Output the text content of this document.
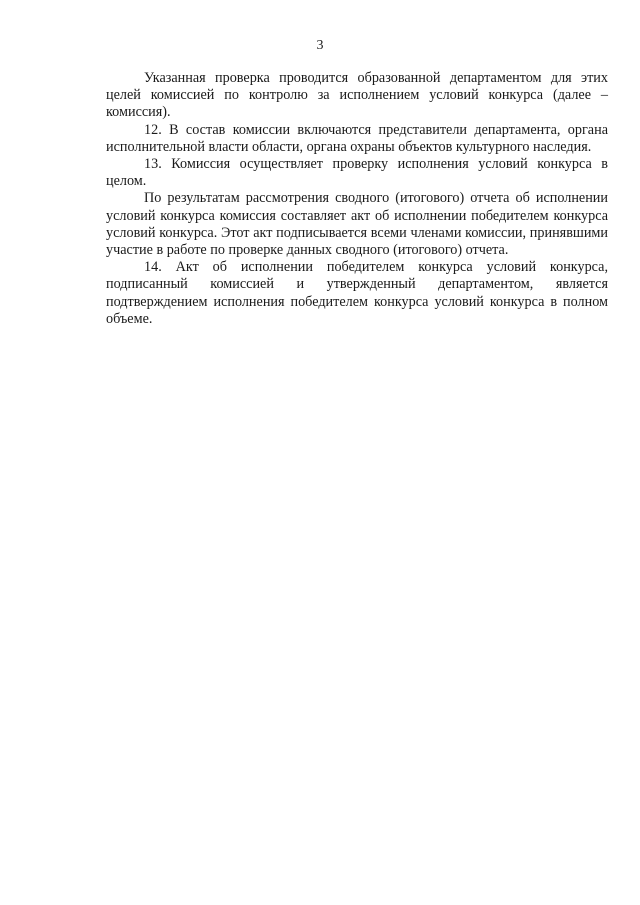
3

Указанная проверка проводится образованной департаментом для этих целей комиссией по контролю за исполнением условий конкурса (далее – комиссия).

12. В состав комиссии включаются представители департамента, органа исполнительной власти области, органа охраны объектов культурного наследия.

13. Комиссия осуществляет проверку исполнения условий конкурса в целом.

По результатам рассмотрения сводного (итогового) отчета об исполнении условий конкурса комиссия составляет акт об исполнении победителем конкурса условий конкурса. Этот акт подписывается всеми членами комиссии, принявшими участие в работе по проверке данных сводного (итогового) отчета.

14. Акт об исполнении победителем конкурса условий конкурса, подписанный комиссией и утвержденный департаментом, является подтверждением исполнения победителем конкурса условий конкурса в полном объеме.
